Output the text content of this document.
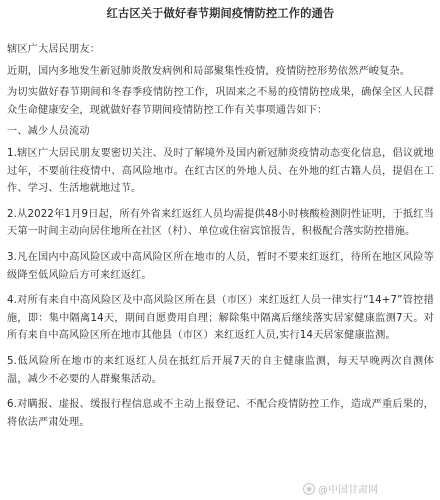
红古区关于做好春节期间疫情防控工作的通告

辖区广大居民朋友：

近期，国内多地发生新冠肺炎散发病例和局部聚集性疫情，疫情防控形势依然严峻复杂。

为切实做好春节期间和冬春季疫情防控工作，巩固来之不易的疫情防控成果，确保全区人民群众生命健康安全，现就做好春节期间疫情防控工作有关事项通告如下：

一、减少人员流动

1.辖区广大居民朋友要密切关注、及时了解境外及国内新冠肺炎疫情动态变化信息，倡议就地过年，不要前往疫情中、高风险地市。在红古区的外地人员、在外地的红古籍人员，提倡在工作、学习、生活地就地过节。

2.从2022年1月9日起，所有外省来红返红人员均需提供48小时核酸检测阴性证明，于抵红当天第一时间主动向居住地所在社区（村）、单位或住宿宾馆报告，积极配合落实防控措施。

3.凡在国内中高风险区或中高风险区所在地市的人员，暂时不要来红返红，待所在地区风险等级降至低风险后方可来红返红。

4.对所有来自中高风险区及中高风险区所在县（市区）来红返红人员一律实行“14+7”管控措施，即：集中隔离14天，期间自愿费用自理；解除集中隔离后继续落实居家健康监测7天。对所有来自中高风险区所在地市其他县（市区）来红返红人员,实行14天居家健康监测。

5.低风险所在地市的来红返红人员在抵红后开展7天的自主健康监测，每天早晚两次自测体温，减少不必要的人群聚集活动。

6.对瞒报、虚报、缓报行程信息或不主动上报登记、不配合疫情防控工作，造成严重后果的，将依法严肃处理。

◉ @中国甘肃网
